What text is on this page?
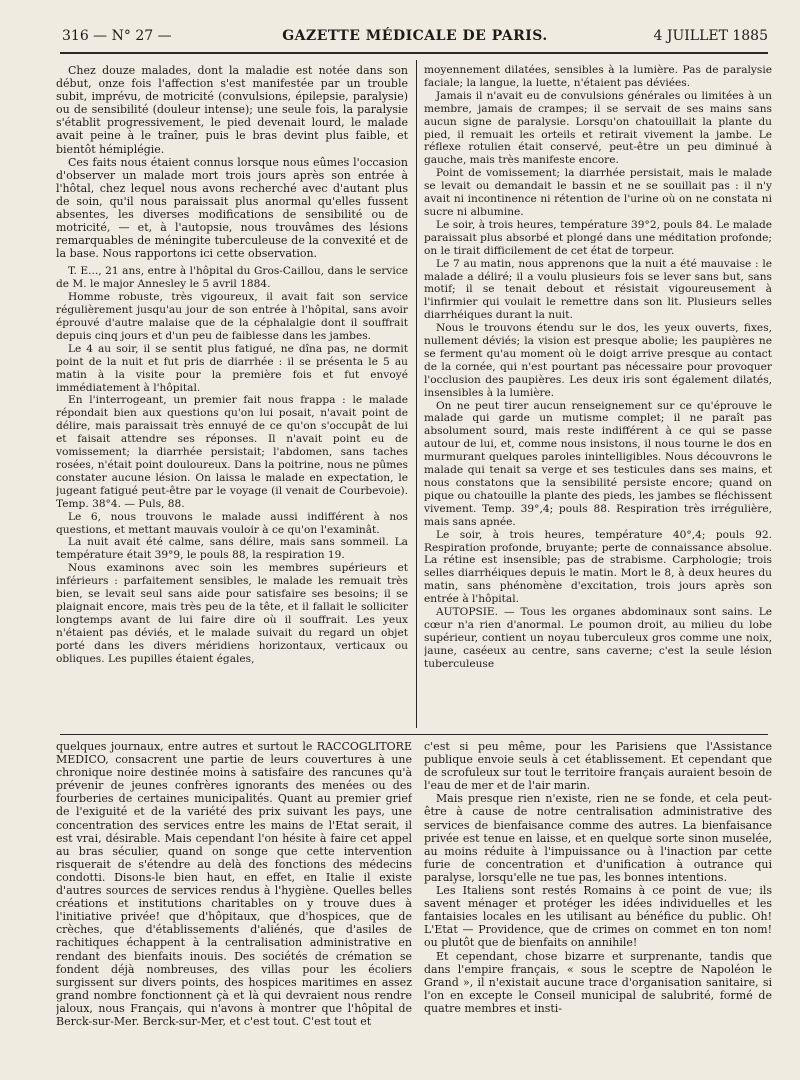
316 — N° 27 —	GAZETTE MÉDICALE DE PARIS.	4 JUILLET 1885

Chez douze malades, dont la maladie est notée dans son début, onze fois l'affection s'est manifestée par un trouble subit, imprévu, de motricité (convulsions, épilepsie, paralysie) ou de sensibilité (douleur intense); une seule fois, la paralysie s'établit progressivement, le pied devenait lourd, le malade avait peine à le traîner, puis le bras devint plus faible, et bientôt hémiplégie.

Ces faits nous étaient connus lorsque nous eûmes l'occasion d'observer un malade mort trois jours après son entrée à l'hôtal, chez lequel nous avons recherché avec d'autant plus de soin, qu'il nous paraissait plus anormal qu'elles fussent absentes, les diverses modifications de sensibilité ou de motricité, — et, à l'autopsie, nous trouvâmes des lésions remarquables de méningite tuberculeuse de la convexité et de la base. Nous rapportons ici cette observation.

T. E..., 21 ans, entre à l'hôpital du Gros-Caillou, dans le service de M. le major Annesley le 5 avril 1884.

Homme robuste, très vigoureux, il avait fait son service régulièrement jusqu'au jour de son entrée à l'hôpital, sans avoir éprouvé d'autre malaise que de la céphalalgie dont il souffrait depuis cinq jours et d'un peu de faiblesse dans les jambes.

Le 4 au soir, il se sentit plus fatigué, ne dîna pas, ne dormit point de la nuit et fut pris de diarrhée : il se présenta le 5 au matin à la visite pour la première fois et fut envoyé immédiatement à l'hôpital.

En l'interrogeant, un premier fait nous frappa : le malade répondait bien aux questions qu'on lui posait, n'avait point de délire, mais paraissait très ennuyé de ce qu'on s'occupât de lui et faisait attendre ses réponses. Il n'avait point eu de vomissement; la diarrhée persistait; l'abdomen, sans taches rosées, n'était point douloureux. Dans la poitrine, nous ne pûmes constater aucune lésion. On laissa le malade en expectation, le jugeant fatigué peut-être par le voyage (il venait de Courbevoie). Temp. 38°4. — Puls, 88.

Le 6, nous trouvons le malade aussi indifférent à nos questions, et mettant mauvais vouloir à ce qu'on l'examinât.

La nuit avait été calme, sans délire, mais sans sommeil. La température était 39°9, le pouls 88, la respiration 19.

Nous examinons avec soin les membres supérieurs et inférieurs : parfaitement sensibles, le malade les remuait très bien, se levait seul sans aide pour satisfaire ses besoins; il se plaignait encore, mais très peu de la tête, et il fallait le solliciter longtemps avant de lui faire dire où il souffrait. Les yeux n'étaient pas déviés, et le malade suivait du regard un objet porté dans les divers méridiens horizontaux, verticaux ou obliques. Les pupilles étaient égales,

moyennement dilatées, sensibles à la lumière. Pas de paralysie faciale; la langue, la luette, n'étaient pas déviées.

Jamais il n'avait eu de convulsions générales ou limitées à un membre, jamais de crampes; il se servait de ses mains sans aucun signe de paralysie. Lorsqu'on chatouillait la plante du pied, il remuait les orteils et retirait vivement la jambe. Le réflexe rotulien était conservé, peut-être un peu diminué à gauche, mais très manifeste encore.

Point de vomissement; la diarrhée persistait, mais le malade se levait ou demandait le bassin et ne se souillait pas : il n'y avait ni incontinence ni rétention de l'urine où on ne constata ni sucre ni albumine.

Le soir, à trois heures, température 39°2, pouls 84. Le malade paraissait plus absorbé et plongé dans une méditation profonde; on le tirait difficilement de cet état de torpeur.

Le 7 au matin, nous apprenons que la nuit a été mauvaise : le malade a déliré; il a voulu plusieurs fois se lever sans but, sans motif; il se tenait debout et résistait vigoureusement à l'infirmier qui voulait le remettre dans son lit. Plusieurs selles diarrhéiques durant la nuit.

Nous le trouvons étendu sur le dos, les yeux ouverts, fixes, nullement déviés; la vision est presque abolie; les paupières ne se ferment qu'au moment où le doigt arrive presque au contact de la cornée, qui n'est pourtant pas nécessaire pour provoquer l'occlusion des paupières. Les deux iris sont également dilatés, insensibles à la lumière.

On ne peut tirer aucun renseignement sur ce qu'éprouve le malade qui garde un mutisme complet; il ne paraît pas absolument sourd, mais reste indifférent à ce qui se passe autour de lui, et, comme nous insistons, il nous tourne le dos en murmurant quelques paroles inintelligibles. Nous découvrons le malade qui tenait sa verge et ses testicules dans ses mains, et nous constatons que la sensibilité persiste encore; quand on pique ou chatouille la plante des pieds, les jambes se fléchissent vivement. Temp. 39°,4; pouls 88. Respiration très irrégulière, mais sans apnée.

Le soir, à trois heures, température 40°,4; pouls 92. Respiration profonde, bruyante; perte de connaissance absolue. La rétine est insensible; pas de strabisme. Carphologie; trois selles diarrhéiques depuis le matin. Mort le 8, à deux heures du matin, sans phénomène d'excitation, trois jours après son entrée à l'hôpital.

AUTOPSIE. — Tous les organes abdominaux sont sains. Le cœur n'a rien d'anormal. Le poumon droit, au milieu du lobe supérieur, contient un noyau tuberculeux gros comme une noix, jaune, caséeux au centre, sans caverne; c'est la seule lésion tuberculeuse

quelques journaux, entre autres et surtout le RACCOGLITORE MEDICO, consacrent une partie de leurs couvertures à une chronique noire destinée moins à satisfaire des rancunes qu'à prévenir de jeunes confrères ignorants des menées ou des fourberies de certaines municipalités. Quant au premier grief de l'exiguité et de la variété des prix suivant les pays, une concentration des services entre les mains de l'Etat serait, il est vrai, désirable. Mais cependant l'on hésite à faire cet appel au bras séculier, quand on songe que cette intervention risquerait de s'étendre au delà des fonctions des médecins condotti. Disons-le bien haut, en effet, en Italie il existe d'autres sources de services rendus à l'hygiène. Quelles belles créations et institutions charitables on y trouve dues à l'initiative privée! que d'hôpitaux, que d'hospices, que de crèches, que d'établissements d'aliénés, que d'asiles de rachitiques échappent à la centralisation administrative en rendant des bienfaits inouis. Des sociétés de crémation se fondent déjà nombreuses, des villas pour les écoliers surgissent sur divers points, des hospices maritimes en assez grand nombre fonctionnent çà et là qui devraient nous rendre jaloux, nous Français, qui n'avons à montrer que l'hôpital de Berck-sur-Mer. Berck-sur-Mer, et c'est tout. C'est tout et

c'est si peu même, pour les Parisiens que l'Assistance publique envoie seuls à cet établissement. Et cependant que de scrofuleux sur tout le territoire français auraient besoin de l'eau de mer et de l'air marin.

Mais presque rien n'existe, rien ne se fonde, et cela peut-être à cause de notre centralisation administrative des services de bienfaisance comme des autres. La bienfaisance privée est tenue en laisse, et en quelque sorte sinon muselée, au moins réduite à l'impuissance ou à l'inaction par cette furie de concentration et d'unification à outrance qui paralyse, lorsqu'elle ne tue pas, les bonnes intentions.

Les Italiens sont restés Romains à ce point de vue; ils savent ménager et protéger les idées individuelles et les fantaisies locales en les utilisant au bénéfice du public. Oh! L'Etat — Providence, que de crimes on commet en ton nom! ou plutôt que de bienfaits on annihile!

Et cependant, chose bizarre et surprenante, tandis que dans l'empire français, « sous le sceptre de Napoléon le Grand », il n'existait aucune trace d'organisation sanitaire, si l'on en excepte le Conseil municipal de salubrité, formé de quatre membres et insti-
